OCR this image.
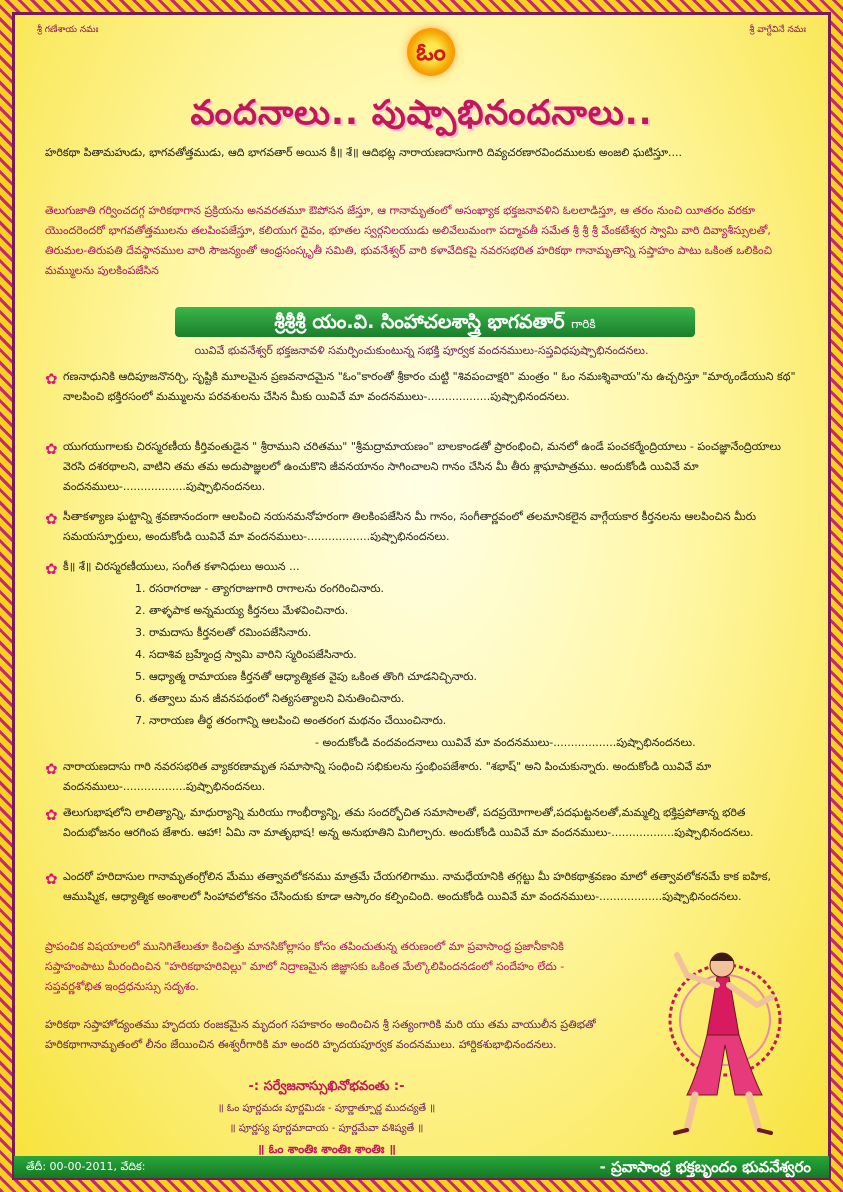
శ్రీ గణేశాయ నమః	శ్రీ వాగ్దేవినే నమః
ఓం
వందనాలు.. పుష్పాభినందనాలు..
హరికథా పితామహుడు, భాగవతోత్తముడు, ఆది భాగవతార్ అయిన కీ॥ శే॥ ఆదిభట్ల నారాయణదాసుగారి దివ్యచరణారవిందములకు అంజలి ఘటిస్తూ....
తెలుగుజాతి గర్వించదగ్గ హరికథాగాన ప్రక్రియను అనవరతమూ ఔపోసన జేస్తూ, ఆ గానామృతంలో అసంఖ్యాక భక్తజనావళిని ఓలలాడిస్తూ, ఆ తరం నుంచి యీతరం వరకూ యొందరెందరో భాగవతోత్తములను తలపింపజేస్తూ, కలియుగ దైవం, భూతల స్వర్గనిలయుడు అలివేలుమంగా పద్మావతీ సమేత శ్రీ శ్రీ శ్రీ వేంకటేశ్వర స్వామి వారి దివ్యాశీస్సులతో, తిరుమల-తిరుపతి దేవస్థానముల వారి సౌజన్యంతో ఆంధ్రసంస్కృతీ సమితి, భువనేశ్వర్ వారి కళావేదికపై నవరసభరిత హరికథా గానామృతాన్ని సప్తాహం పాటు ఒకింత ఒలికించి మమ్ములను పులకింపజేసిన
శ్రీశ్రీశ్రీ యం.వి. సింహాచలశాస్త్రి భాగవతార్ గారికి
యివివే భువనేశ్వర్ భక్తజనావళి సమర్పించుకుంటున్న సభక్తి పూర్వక వందనములు-సప్తవిధపుష్పాభినందనలు.
✿ గణనాధునికి ఆదిపూజనొనర్చి, సృష్టికి మూలమైన ప్రణవనాదమైన "ఓం"కారంతో శ్రీకారం చుట్టి "శివపంచాక్షరి" మంత్రం " ఓం నమఃశ్శివాయ"ను ఉచ్చరిస్తూ "మార్కండేయుని కథ" నాలపించి భక్తిరసంలో మమ్ములను పరవశులను చేసిన మీకు యివివే మా వందనములు-..................పుష్పాభినందనలు.
✿ యుగయుగాలకు చిరస్మరణీయ కీర్తివంతుడైన " శ్రీరాముని చరితము" "శ్రీమద్రామాయణం" బాలకాండతో ప్రారంభించి, మనలో ఉండే పంచకర్మేంద్రియాలు - పంచజ్ఞానేంద్రియాలు వెరసి దశరథాలని, వాటిని తమ తమ అదుపాజ్ఞలలో ఉంచుకొని జీవనయానం సాగించాలని గానం చేసిన మీ తీరు శ్లాఘాపాత్రము. అందుకోండి యివివే మా వందనములు-..................పుష్పాభినందనలు.
✿ సీతాకళ్యాణ ఘట్టాన్ని శ్రవణానందంగా ఆలపించి నయనమనోహరంగా తిలకింపజేసిన మీ గానం, సంగీతార్ణవంలో తలమానికలైన వాగ్గేయకార కీర్తనలను ఆలపించిన మీరు సమయస్ఫూర్తులు, అందుకోండి యివివే మా వందనములు-..................పుష్పాభినందనలు.
✿ కీ॥ శే॥ చిరస్మరణీయులు, సంగీత కళానిధులు అయిన ...
1. రసరాగరాజు - త్యాగరాజుగారి రాగాలను రంగరించినారు.
2. తాళ్ళపాక అన్నమయ్య కీర్తనలు మేళవించినారు.
3. రామదాసు కీర్తనలతో రమింపజేసినారు.
4. సదాశివ బ్రహ్మేంద్ర స్వామి వారిని స్మరింపజేసినారు.
5. ఆధ్యాత్మ రామాయణ కీర్తనతో ఆధ్యాత్మికత వైపు ఒకింత తొంగి చూడనిచ్చినారు.
6. తత్వాలు మన జీవనపథంలో నిత్యసత్యాలని వినుతించినారు.
7. నారాయణ తీర్థ తరంగాన్ని ఆలపించి అంతరంగ మథనం చేయించినారు.
- అందుకోండి వందవందనాలు యివివే మా వందనములు-..................పుష్పాభినందనలు.
✿ నారాయణదాసు గారి నవరసభరిత వ్యాకరణామృత సమాసాన్ని సంధించి సభికులను స్తంభింపజేశారు. "శభాష్" అని పించుకున్నారు. అందుకోండి యివివే మా వందనములు-..................పుష్పాభినందనలు.
✿ తెలుగుభాషలోని లాలిత్యాన్ని, మాధుర్యాన్ని మరియు గాంభీర్యాన్ని, తమ సందర్భోచిత సమాసాలతో, పదప్రయోగాలతో,పదఘట్టనలతో,మమ్మల్ని భక్తిప్రపోతాన్న భరిత విందుభోజనం ఆరగింప జేశారు. ఆహా! ఏమి నా మాతృభాష! అన్న అనుభూతిని మిగిల్చారు. అందుకోండి యివివే మా వందనములు-..................పుష్పాభినందనలు.
✿ ఎందరో హరిదాసుల గానామృతంగ్రోలిన మేము తత్వావలోకనము మాత్రమే చేయగలిగాము. నామధేయానికి తగ్గట్టు మీ హరికథాశ్రవణం మాలో తత్వావలోకనమే కాక ఐహిక, ఆముష్మిక, ఆధ్యాత్మిక అంశాలలో సింహావలోకనం చేసిందుకు కూడా ఆస్కారం కల్పించింది. అందుకోండి యివివే మా వందనములు-..................పుష్పాభినందనలు.
ప్రాపంచిక విషయాలలో మునిగితేలుతూ కించిత్తు మానసికోల్లాసం కోసం తపించుతున్న తరుణంలో మా ప్రవాసాంధ్ర ప్రజానీకానికి సప్తాహంపాటు మీరందించిన "హరికథాహరివిల్లు" మాలో నిద్రాణమైన జిజ్ఞాసకు ఒకింత మేల్కొలిపిందనడంలో సందేహం లేదు - సప్తవర్ణశోభిత ఇంద్రధనుస్సు సదృశం.
హరికథా సప్తాహోద్యంతము హృదయ రంజకమైన మృదంగ సహకారం అందించిన శ్రీ సత్యంగారికి మరి యు తమ వాయులీన ప్రతిభతో హరికథాగానామృతంలో లీనం జేయించిన ఈశ్వరీగారికి మా అందరి హృదయపూర్వక వందనములు. హార్దికశుభాభినందనలు.
-: సర్వేజనాస్సుఖినోభవంతు :-
॥ ఓం పూర్ణమదః పూర్ణమిదః - పూర్ణాత్పూర్ణ ముదచ్యతే ॥
॥ పూర్ణస్య పూర్ణమాదాయ - పూర్ణమేవా వశిష్యతే ॥
॥ ఓం శాంతిః శాంతిః శాంతిః ॥
తేదీ: 00-00-2011, వేదిక:	- ప్రవాసాంధ్ర భక్తబృందం భువనేశ్వరం
